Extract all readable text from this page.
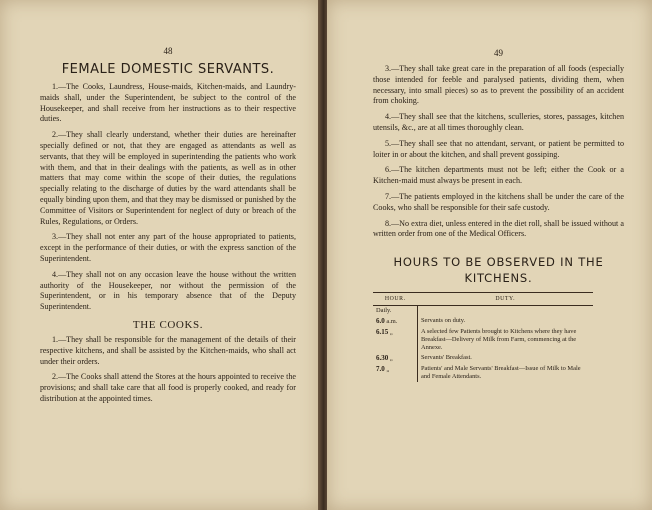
48
FEMALE DOMESTIC SERVANTS.

1.—The Cooks, Laundress, House-maids, Kitchen-maids, and Laundry-maids shall, under the Superintendent, be subject to the control of the Housekeeper, and shall receive from her instructions as to their respective duties.

2.—They shall clearly understand, whether their duties are hereinafter specially defined or not, that they are engaged as attendants as well as servants, that they will be employed in superintending the patients who work with them, and that in their dealings with the patients, as well as in other matters that may come within the scope of their duties, the regulations specially relating to the discharge of duties by the ward attendants shall be equally binding upon them, and that they may be dismissed or punished by the Committee of Visitors or Superintendent for neglect of duty or breach of the Rules, Regulations, or Orders.

3.—They shall not enter any part of the house appropriated to patients, except in the performance of their duties, or with the express sanction of the Superintendent.

4.—They shall not on any occasion leave the house without the written authority of the Housekeeper, nor without the permission of the Superintendent, or in his temporary absence that of the Deputy Superintendent.

THE COOKS.

1.—They shall be responsible for the management of the details of their respective kitchens, and shall be assisted by the Kitchen-maids, who shall act under their orders.

2.—The Cooks shall attend the Stores at the hours appointed to receive the provisions; and shall take care that all food is properly cooked, and ready for distribution at the appointed times.

49

3.—They shall take great care in the preparation of all foods (especially those intended for feeble and paralysed patients, dividing them, when necessary, into small pieces) so as to prevent the possibility of an accident from choking.

4.—They shall see that the kitchens, sculleries, stores, passages, kitchen utensils, &c., are at all times thoroughly clean.

5.—They shall see that no attendant, servant, or patient be permitted to loiter in or about the kitchen, and shall prevent gossiping.

6.—The kitchen departments must not be left; either the Cook or a Kitchen-maid must always be present in each.

7.—The patients employed in the kitchens shall be under the care of the Cooks, who shall be responsible for their safe custody.

8.—No extra diet, unless entered in the diet roll, shall be issued without a written order from one of the Medical Officers.

HOURS TO BE OBSERVED IN THE
KITCHENS.
HOUR.	DUTY.
Daily.	
6.0 a.m.	Servants on duty.
6.15 „	A selected few Patients brought to Kitchens where they have Breakfast—Delivery of Milk from Farm, commencing at the Annexe.
6.30 „	Servants' Breakfast.
7.0 „	Patients' and Male Servants' Breakfast—Issue of Milk to Male and Female Attendants.
